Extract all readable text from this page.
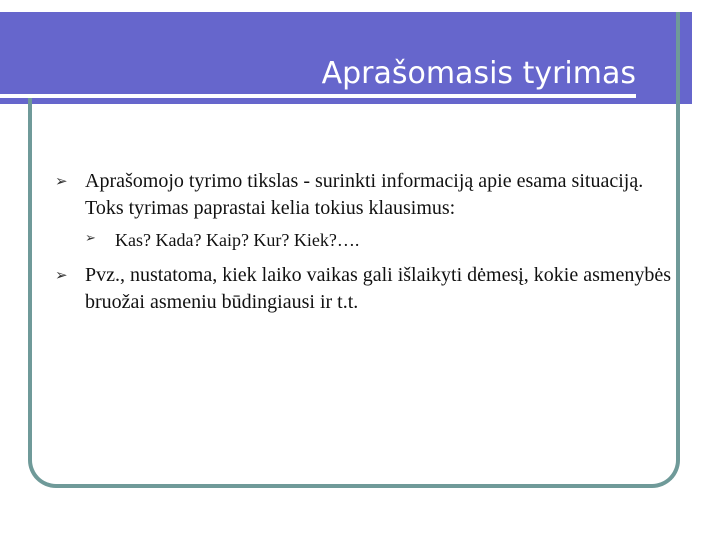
Aprašomasis tyrimas
➢ Aprašomojo tyrimo tikslas - surinkti informaciją apie esama situaciją. Toks tyrimas paprastai kelia tokius klausimus:
➢	Kas? Kada? Kaip? Kur? Kiek?….
➢ Pvz., nustatoma, kiek laiko vaikas gali išlaikyti dėmesį, kokie asmenybės bruožai asmeniu būdingiausi ir t.t.
